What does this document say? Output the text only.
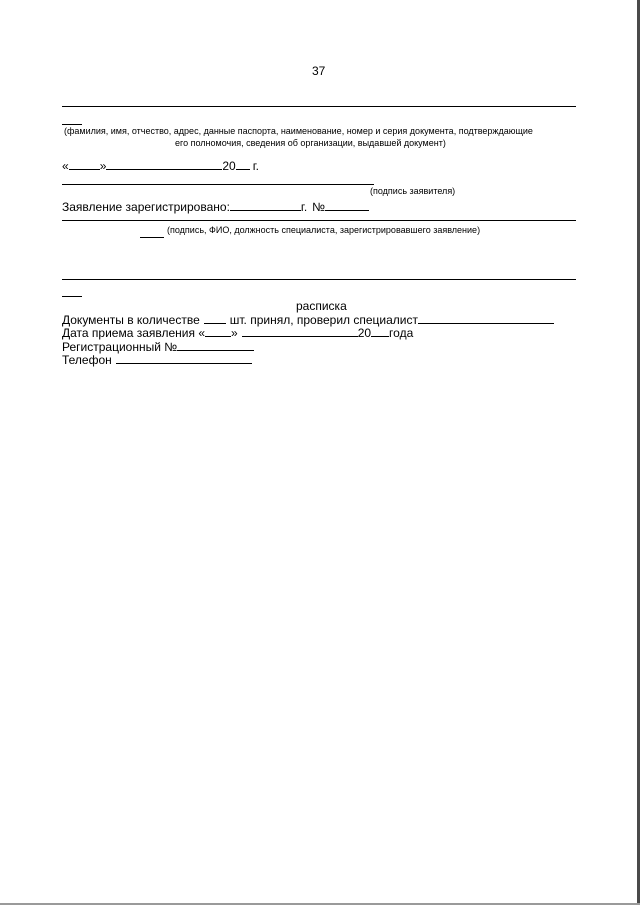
37
(фамилия, имя, отчество, адрес, данные паспорта, наименование, номер и серия документа, подтверждающие
его полномочия, сведения об организации, выдавшей документ)
«	»	20 г.
(подпись заявителя)
Заявление зарегистрировано:	г. №
(подпись, ФИО, должность специалиста, зарегистрировавшего заявление)
расписка
Документы в количестве	шт. принял, проверил специалист
Дата приема заявления « »	20 года
Регистрационный №
Телефон
